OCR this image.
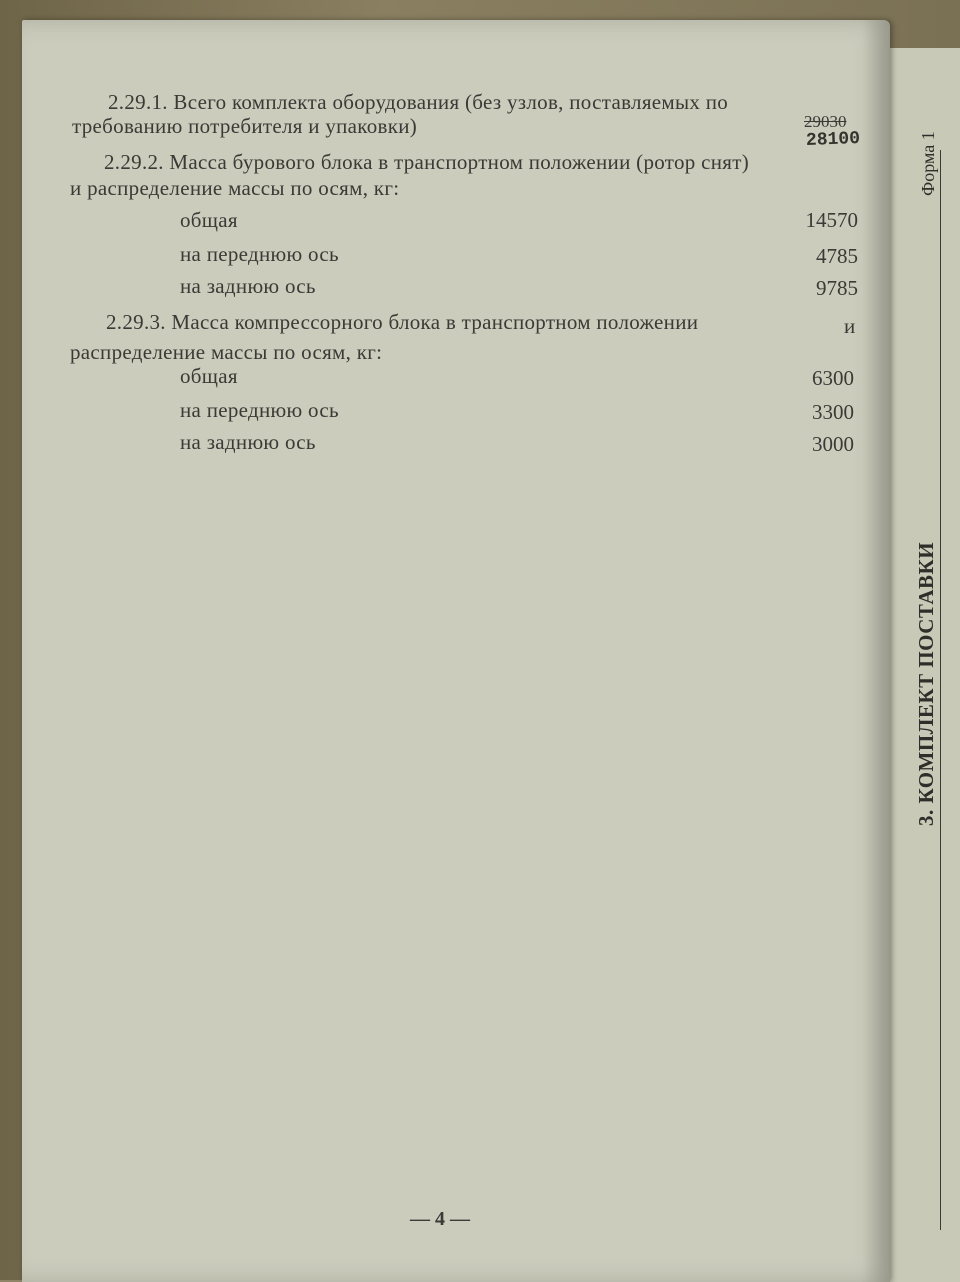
2.29.1. Всего комплекта оборудования (без узлов, поставляемых по
требованию потребителя и упаковки)	29030
28100
2.29.2. Масса бурового блока в транспортном положении (ротор снят)
и распределение массы по осям, кг:
общая	14570
на переднюю ось	4785
на заднюю ось	9785
2.29.3. Масса компрессорного блока в транспортном положении	и
распределение массы по осям, кг:
общая	6300
на переднюю ось	3300
на заднюю ось	3000
— 4 —
Форма 1
3. КОМПЛЕКТ ПОСТАВКИ
